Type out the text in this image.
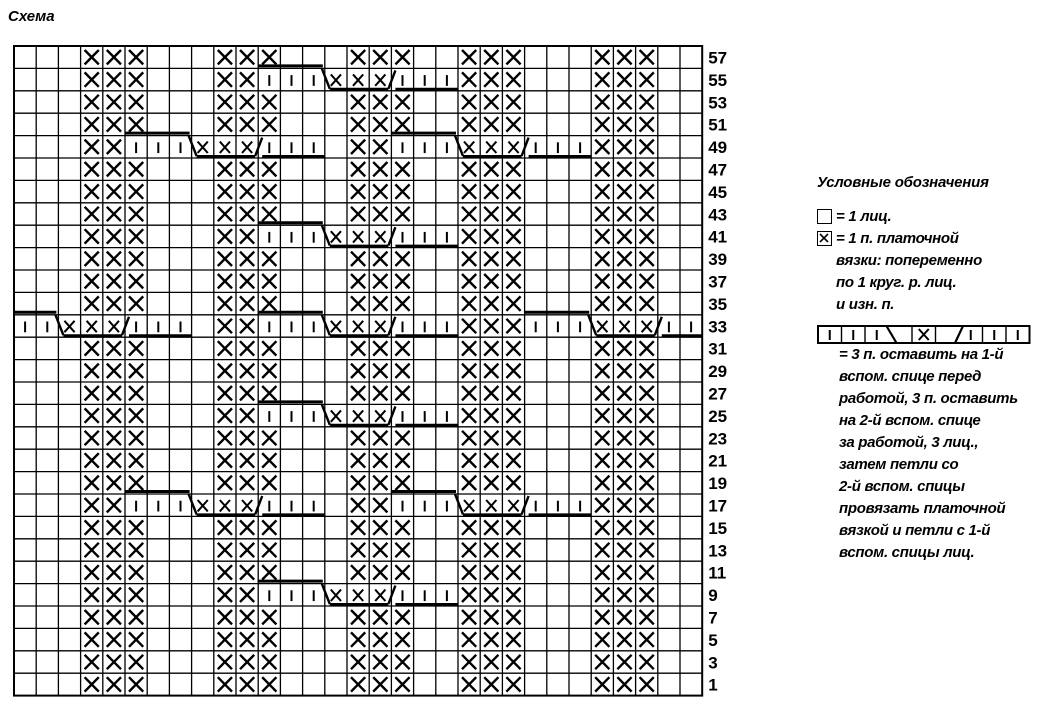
Схема
57
55
53
51
49
47
45
43
41
39
37
35
33
31
29
27
25
23
21
19
17
15
13
11
9
7
5
3
1
Условные обозначения
= 1 лиц.
= 1 п. платочной
вязки: попеременно
по 1 круг. р. лиц.
и изн. п.
= 3 п. оставить на 1-й
вспом. спице перед
работой, 3 п. оставить
на 2-й вспом. спице
за работой, 3 лиц.,
затем петли со
2-й вспом. спицы
провязать платочной
вязкой и петли с 1-й
вспом. спицы лиц.
